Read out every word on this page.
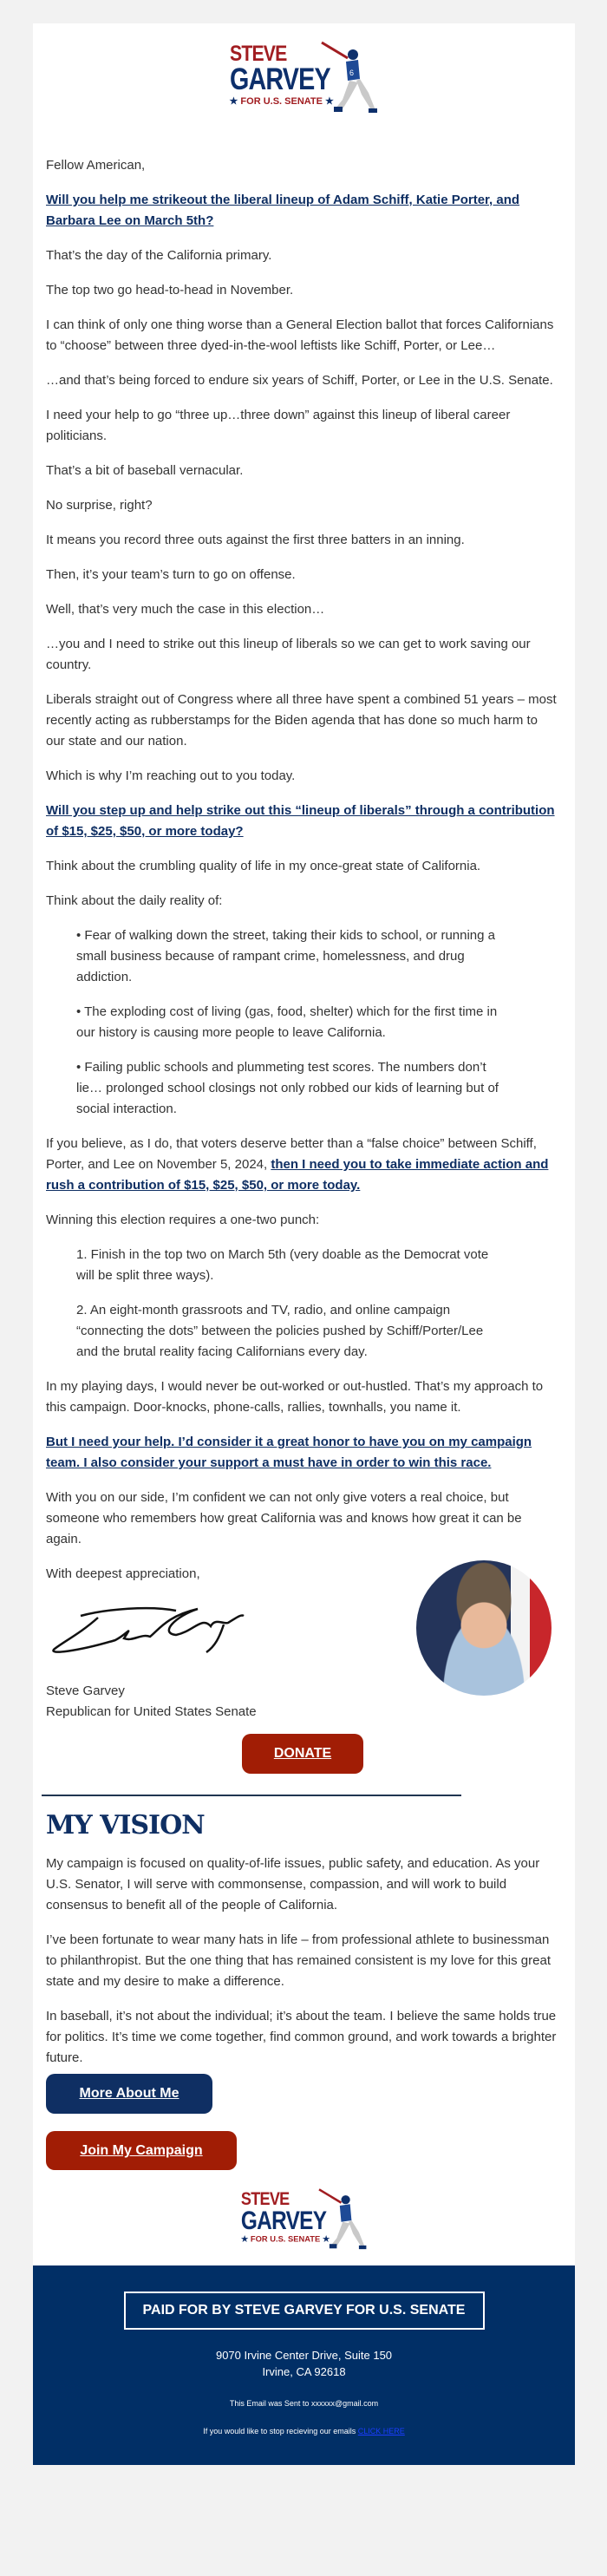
STEVE
GARVEY
★ FOR U.S. SENATE ★
6

Fellow American,

Will you help me strikeout the liberal lineup of Adam Schiff, Katie Porter, and Barbara Lee on March 5th?

That’s the day of the California primary.

The top two go head-to-head in November.

I can think of only one thing worse than a General Election ballot that forces Californians to “choose” between three dyed-in-the-wool leftists like Schiff, Porter, or Lee…

…and that’s being forced to endure six years of Schiff, Porter, or Lee in the U.S. Senate.

I need your help to go “three up…three down” against this lineup of liberal career politicians.

That’s a bit of baseball vernacular.

No surprise, right?

It means you record three outs against the first three batters in an inning.

Then, it’s your team’s turn to go on offense.

Well, that’s very much the case in this election…

…you and I need to strike out this lineup of liberals so we can get to work saving our country.

Liberals straight out of Congress where all three have spent a combined 51 years – most recently acting as rubberstamps for the Biden agenda that has done so much harm to our state and our nation.

Which is why I’m reaching out to you today.

Will you step up and help strike out this “lineup of liberals” through a contribution of $15, $25, $50, or more today?

Think about the crumbling quality of life in my once-great state of California.

Think about the daily reality of:

• Fear of walking down the street, taking their kids to school, or running a small business because of rampant crime, homelessness, and drug addiction.
• The exploding cost of living (gas, food, shelter) which for the first time in our history is causing more people to leave California.
• Failing public schools and plummeting test scores. The numbers don’t lie… prolonged school closings not only robbed our kids of learning but of social interaction.

If you believe, as I do, that voters deserve better than a “false choice” between Schiff, Porter, and Lee on November 5, 2024, then I need you to take immediate action and rush a contribution of $15, $25, $50, or more today.

Winning this election requires a one-two punch:

1. Finish in the top two on March 5th (very doable as the Democrat vote will be split three ways).
2. An eight-month grassroots and TV, radio, and online campaign “connecting the dots” between the policies pushed by Schiff/Porter/Lee and the brutal reality facing Californians every day.

In my playing days, I would never be out-worked or out-hustled. That’s my approach to this campaign. Door-knocks, phone-calls, rallies, townhalls, you name it.

But I need your help. I’d consider it a great honor to have you on my campaign team. I also consider your support a must have in order to win this race.

With you on our side, I’m confident we can not only give voters a real choice, but someone who remembers how great California was and knows how great it can be again.

With deepest appreciation,
Steve Garvey
Republican for United States Senate
DONATE
MY VISION

My campaign is focused on quality-of-life issues, public safety, and education. As your U.S. Senator, I will serve with commonsense, compassion, and will work to build consensus to benefit all of the people of California.

I’ve been fortunate to wear many hats in life – from professional athlete to businessman to philanthropist. But the one thing that has remained consistent is my love for this great state and my desire to make a difference.

In baseball, it’s not about the individual; it’s about the team. I believe the same holds true for politics. It’s time we come together, find common ground, and work towards a brighter future.

More About Me
Join My Campaign
STEVE
GARVEY
★ FOR U.S. SENATE ★
PAID FOR BY STEVE GARVEY FOR U.S. SENATE
9070 Irvine Center Drive, Suite 150
Irvine, CA 92618
This Email was Sent to xxxxxx@gmail.com
If you would like to stop recieving our emails CLICK HERE
